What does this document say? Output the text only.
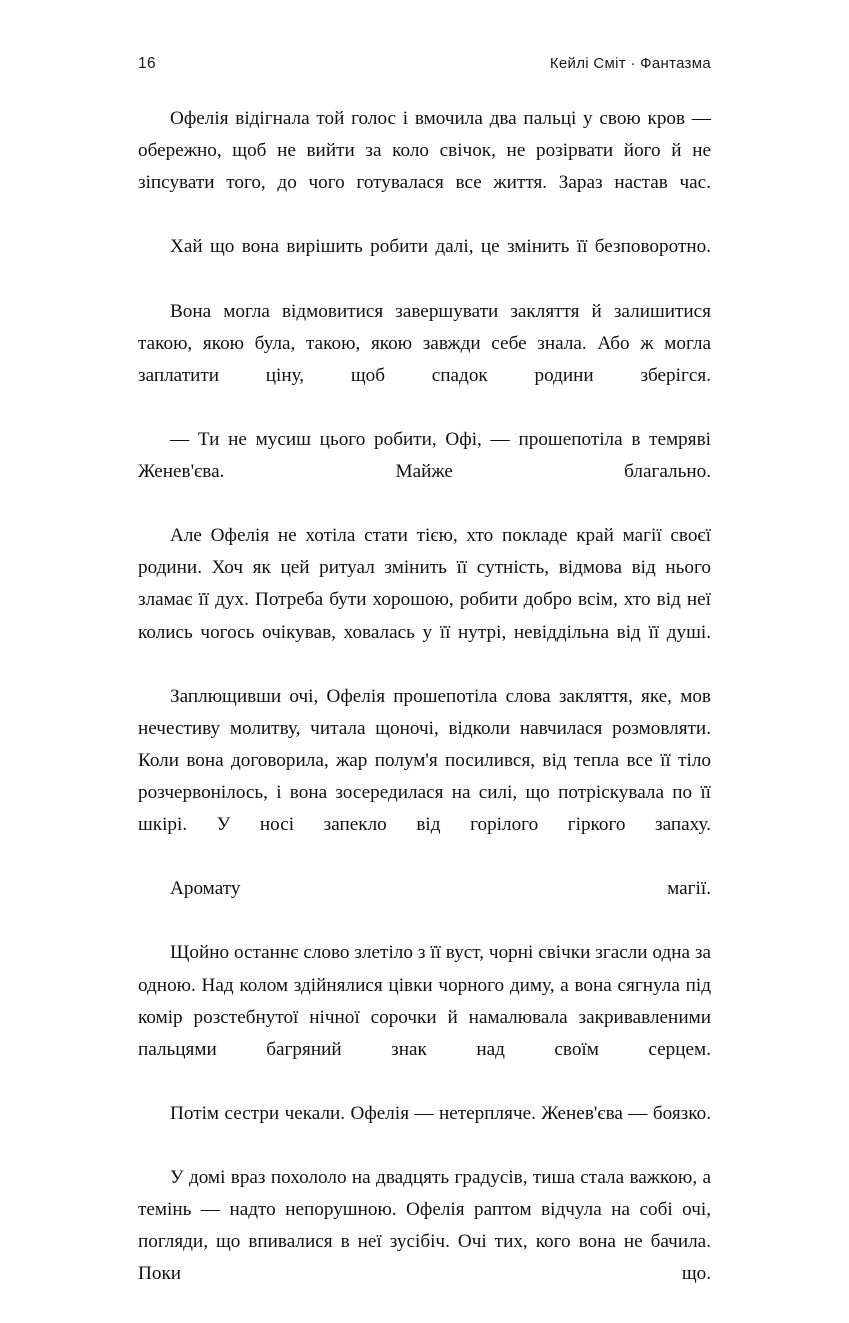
16	Кейлі Сміт · Фантазма

Офелія відігнала той голос і вмочила два пальці у свою кров — обережно, щоб не вийти за коло свічок, не розірвати його й не зіпсувати того, до чого готувалася все життя. Зараз настав час.

Хай що вона вирішить робити далі, це змінить її безповоротно.

Вона могла відмовитися завершувати закляття й залишитися такою, якою була, такою, якою завжди себе знала. Або ж могла заплатити ціну, щоб спадок родини зберігся.

— Ти не мусиш цього робити, Офі, — прошепотіла в темряві Женев'єва. Майже благально.

Але Офелія не хотіла стати тією, хто покладе край магії своєї родини. Хоч як цей ритуал змінить її сутність, відмова від нього зламає її дух. Потреба бути хорошою, робити добро всім, хто від неї колись чогось очікував, ховалась у її нутрі, невіддільна від її душі.

Заплющивши очі, Офелія прошепотіла слова закляття, яке, мов нечестиву молитву, читала щоночі, відколи навчилася розмовляти. Коли вона договорила, жар полум'я посилився, від тепла все її тіло розчервонілось, і вона зосередилася на силі, що потріскувала по її шкірі. У носі запекло від горілого гіркого запаху.

Аромату магії.

Щойно останнє слово злетіло з її вуст, чорні свічки згасли одна за одною. Над колом здійнялися цівки чорного диму, а вона сягнула під комір розстебнутої нічної сорочки й намалювала закривавленими пальцями багряний знак над своїм серцем.

Потім сестри чекали. Офелія — нетерпляче. Женев'єва — боязко.

У домі враз похололо на двадцять градусів, тиша стала важкою, а темінь — надто непорушною. Офелія раптом відчула на собі очі, погляди, що впивалися в неї зусібіч. Очі тих, кого вона не бачила. Поки що.
